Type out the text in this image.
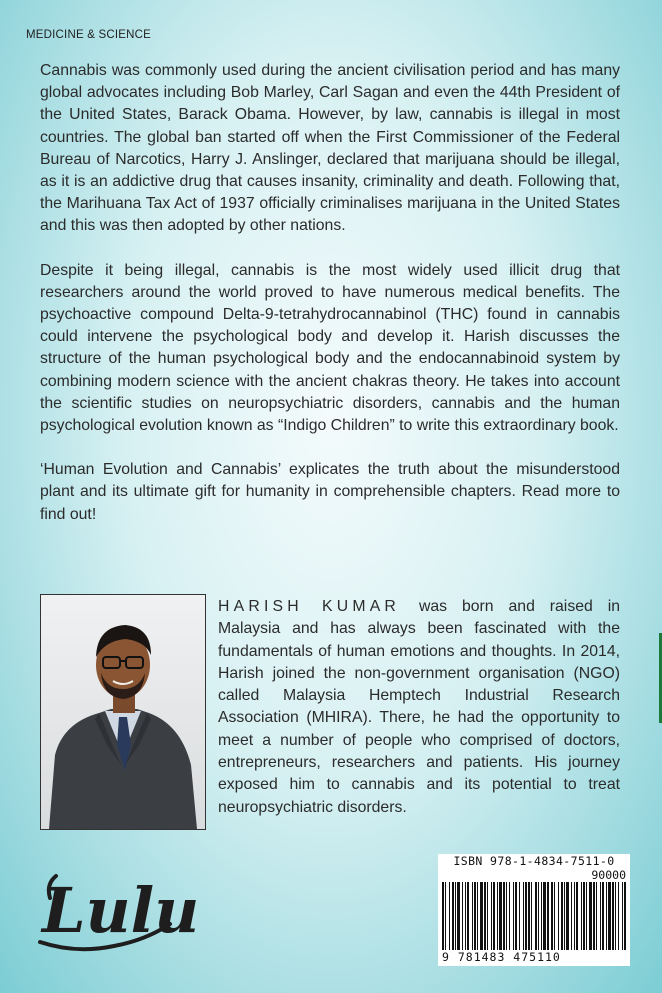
MEDICINE & SCIENCE

Cannabis was commonly used during the ancient civilisation period and has many global advocates including Bob Marley, Carl Sagan and even the 44th President of the United States, Barack Obama. However, by law, cannabis is illegal in most countries. The global ban started off when the First Commissioner of the Federal Bureau of Narcotics, Harry J. Anslinger, declared that marijuana should be illegal, as it is an addictive drug that causes insanity, criminality and death. Following that, the Marihuana Tax Act of 1937 officially criminalises marijuana in the United States and this was then adopted by other nations.

Despite it being illegal, cannabis is the most widely used illicit drug that researchers around the world proved to have numerous medical benefits. The psychoactive compound Delta-9-tetrahydrocannabinol (THC) found in cannabis could intervene the psychological body and develop it. Harish discusses the structure of the human psychological body and the endocannabinoid system by combining modern science with the ancient chakras theory. He takes into account the scientific studies on neuropsychiatric disorders, cannabis and the human psychological evolution known as “Indigo Children” to write this extraordinary book.

‘Human Evolution and Cannabis’ explicates the truth about the misunderstood plant and its ultimate gift for humanity in comprehensible chapters. Read more to find out!

HARISH KUMAR was born and raised in Malaysia and has always been fascinated with the fundamentals of human emotions and thoughts. In 2014, Harish joined the non-government organisation (NGO) called Malaysia Hemptech Industrial Research Association (MHIRA). There, he had the opportunity to meet a number of people who comprised of doctors, entrepreneurs, researchers and patients. His journey exposed him to cannabis and its potential to treat neuropsychiatric disorders.
Lulu
ISBN 978-1-4834-7511-0
90000
9 781483 475110
